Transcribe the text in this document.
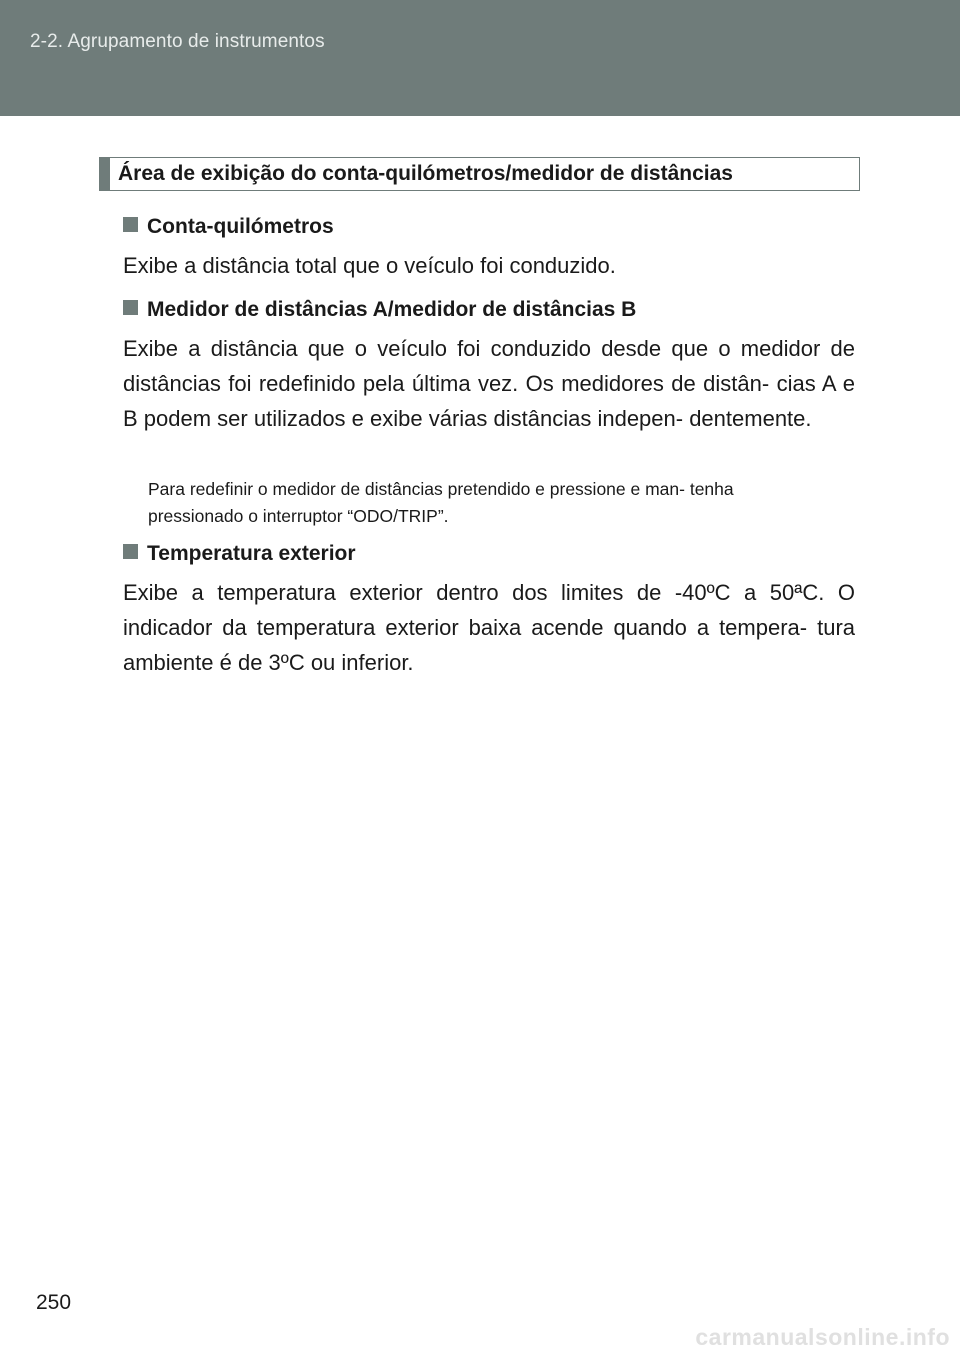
2-2. Agrupamento de instrumentos
Área de exibição do conta-quilómetros/medidor de distâncias
Conta-quilómetros
Exibe a distância total que o veículo foi conduzido.
Medidor de distâncias A/medidor de distâncias B
Exibe a distância que o veículo foi conduzido desde que o medidor de distâncias foi redefinido pela última vez. Os medidores de distân- cias A e B podem ser utilizados e exibe várias distâncias indepen- dentemente.
Para redefinir o medidor de distâncias pretendido e pressione e man- tenha pressionado o interruptor “ODO/TRIP”.
Temperatura exterior
Exibe a temperatura exterior dentro dos limites de -40ºC a 50ªC. O indicador da temperatura exterior baixa acende quando a tempera- tura ambiente é de 3ºC ou inferior.
250
carmanualsonline.info
